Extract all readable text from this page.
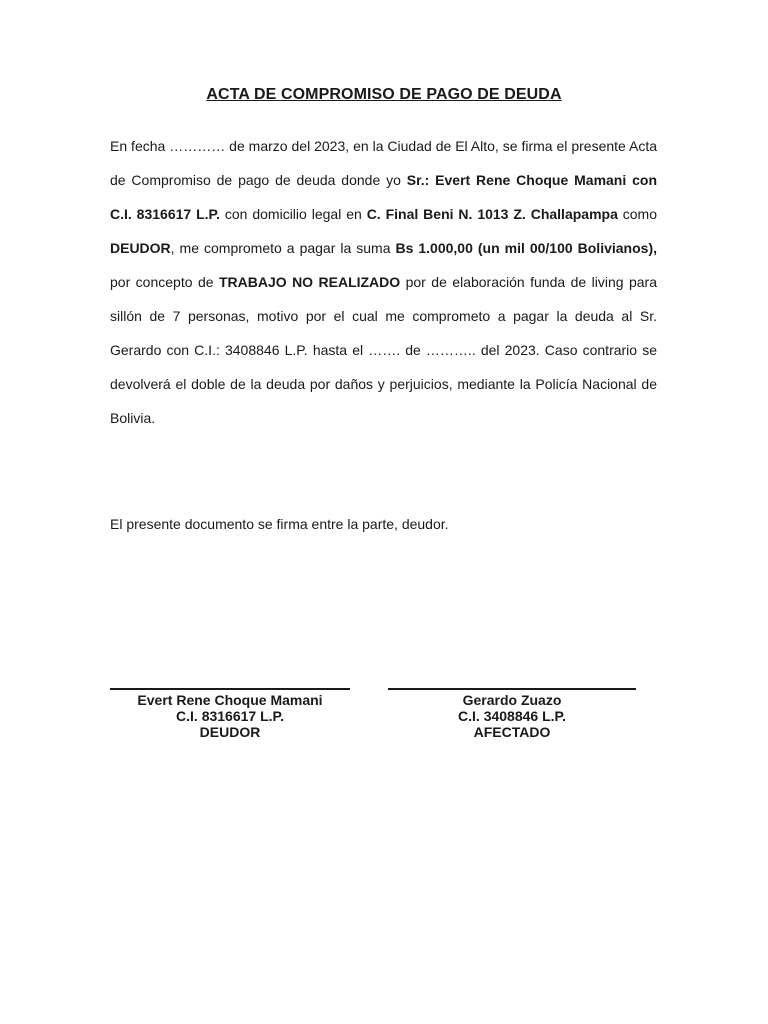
ACTA DE COMPROMISO DE PAGO DE DEUDA
En fecha ………… de marzo del 2023, en la Ciudad de El Alto, se firma el presente Acta de Compromiso de pago de deuda donde yo Sr.: Evert Rene Choque Mamani con C.I. 8316617 L.P. con domicilio legal en C. Final Beni N. 1013 Z. Challapampa como DEUDOR, me comprometo a pagar la suma Bs 1.000,00 (un mil 00/100 Bolivianos), por concepto de TRABAJO NO REALIZADO por de elaboración funda de living para sillón de 7 personas, motivo por el cual me comprometo a pagar la deuda al Sr. Gerardo con C.I.: 3408846 L.P. hasta el ……. de ……….. del 2023. Caso contrario se devolverá el doble de la deuda por daños y perjuicios, mediante la Policía Nacional de Bolivia.
El presente documento se firma entre la parte, deudor.
Evert Rene Choque Mamani
C.I. 8316617 L.P.
DEUDOR
Gerardo Zuazo
C.I. 3408846 L.P.
AFECTADO
